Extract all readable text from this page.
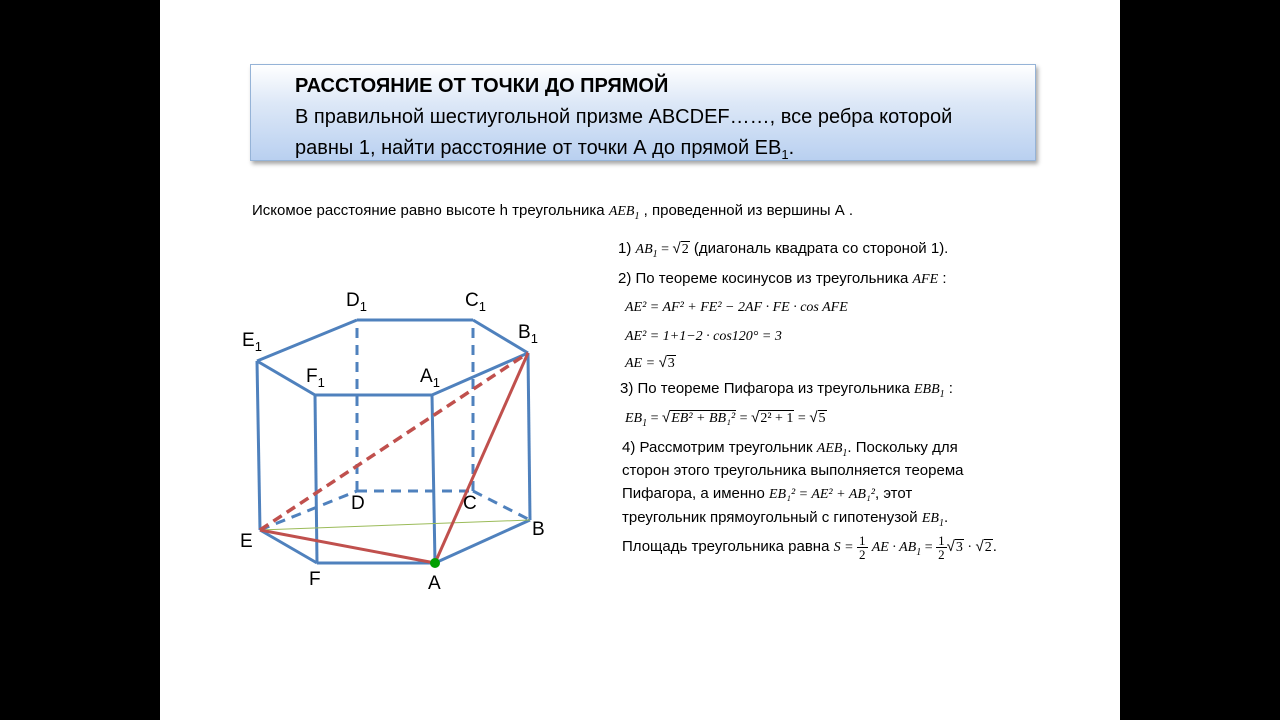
РАССТОЯНИЕ ОТ ТОЧКИ ДО ПРЯМОЙ
В правильной шестиугольной призме ABCDEF……, все ребра которой
равны 1, найти расстояние от точки А до прямой $ЕB_1$.
Искомое расстояние равно высоте h треугольника $AEB_1$ , проведенной из вершины А .
1) $AB_1 = √2$ (диагональ квадрата со стороной 1).
2) По теореме косинусов из треугольника AFE :
AE² = AF² + FE² − 2AF · FE · cos AFE
AE² = 1+1−2 · cos120° = 3
AE = √3
3) По теореме Пифагора из треугольника $EBB_1$ :
$EB_1 = √EB^2 + BB_1^2 = √2^2 + 1 = √5$
4) Рассмотрим треугольник $AEB_1$. Поскольку для
сторон этого треугольника выполняется теорема
Пифагора, а именно EB₁² = AE² + AB₁², этот
треугольник прямоугольный с гипотенузой $EB_1$.
Площадь треугольника равна $S = \frac{1}{2}$ AE · $AB_1 = \frac{1}{2} √3 \cdot √2$.
$D_1$	$C_1$
$E_1$
$B_1$
$F_1$	$A_1$
D	C
E
B
F	A
